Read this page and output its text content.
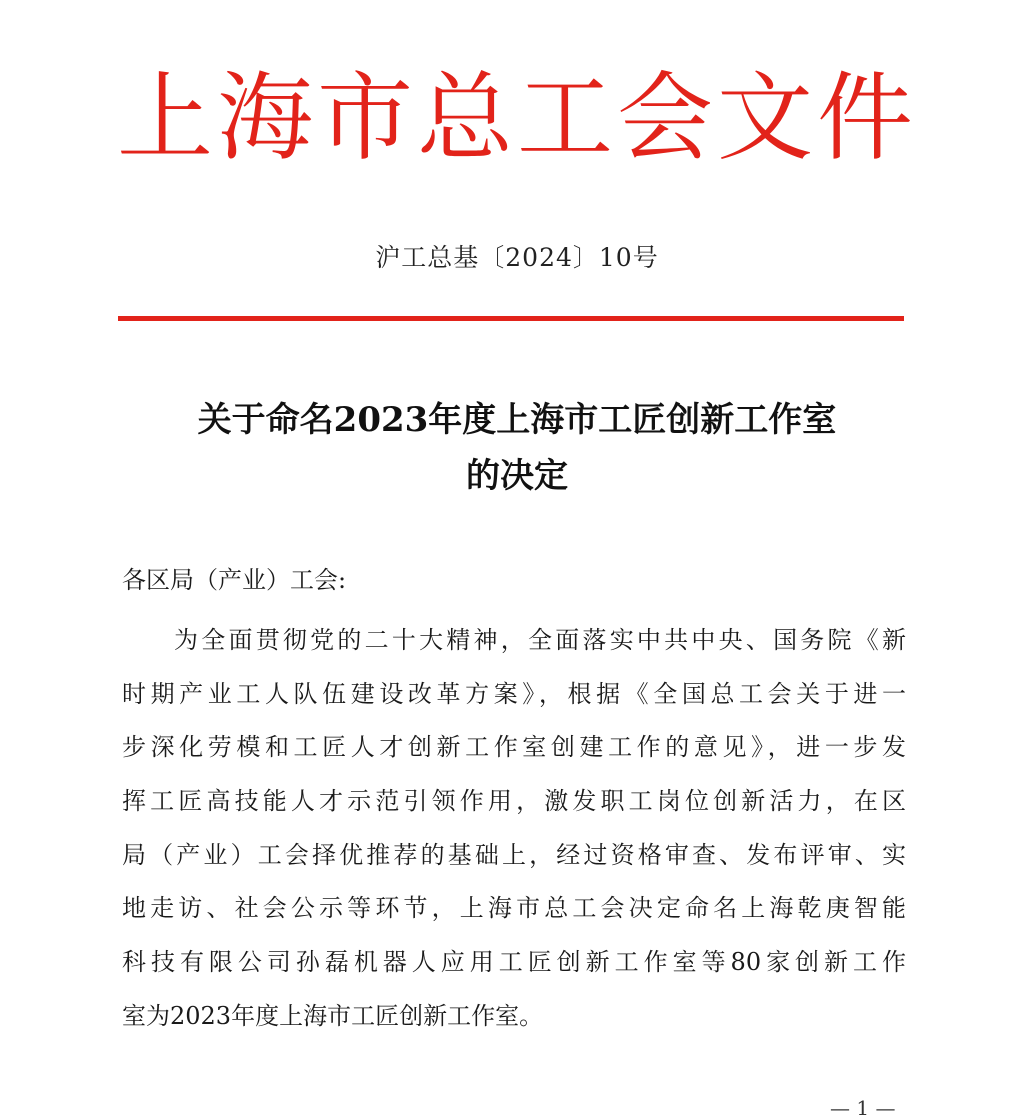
上海市总工会文件
沪工总基〔2024〕10号
关于命名2023年度上海市工匠创新工作室
的决定
各区局（产业）工会:
为全面贯彻党的二十大精神，全面落实中共中央、国务院《新
时期产业工人队伍建设改革方案》，根据《全国总工会关于进一
步深化劳模和工匠人才创新工作室创建工作的意见》，进一步发
挥工匠高技能人才示范引领作用，激发职工岗位创新活力，在区
局（产业）工会择优推荐的基础上，经过资格审查、发布评审、实
地走访、社会公示等环节，上海市总工会决定命名上海乾庚智能
科技有限公司孙磊机器人应用工匠创新工作室等80家创新工作
室为2023年度上海市工匠创新工作室。
— 1 —
